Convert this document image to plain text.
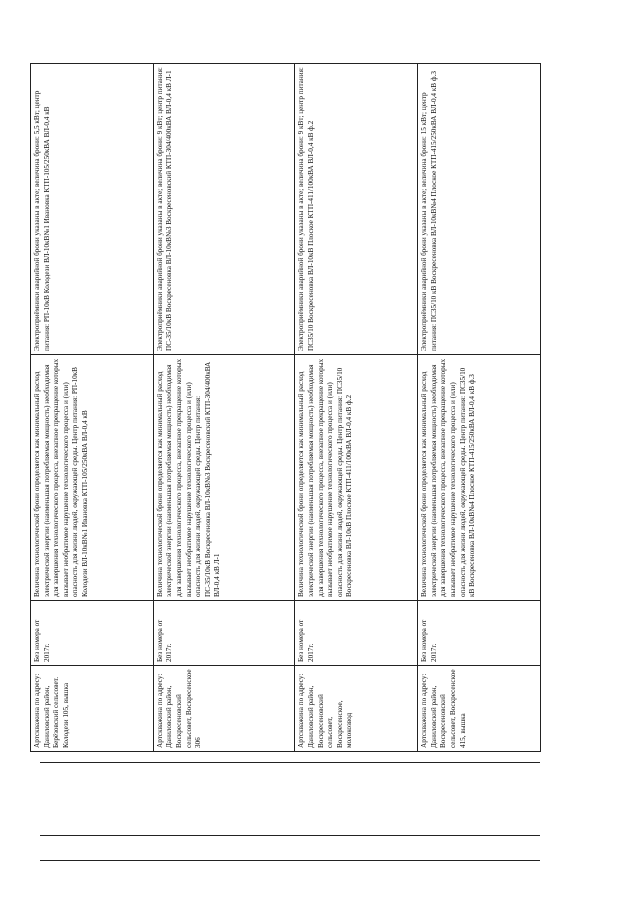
Артскважина по адресу: Даниловский район, Берёзовский сельсовет. Колодези 105, вышка	Без номера от 2017г.	Величина технологической брони определяется как минимальный расход электрической энергии (наименьшая потребляемая мощность) необходимая для завершения технологического процесса, внезапное прекращение которых вызывает необратимое нарушение технологического процесса и (или) опасность для жизни людей, окружающей среды. Центр питания: РП-10кВ Колодези ВЛ-10кВ№1 Ивановка КТП-105/250кВА ВЛ-0,4 кВ	Электроприёмники аварийной брони указаны в акте; величина брони: 5,5 кВт; центр питания: РП-10кВ Колодези ВЛ-10кВ№1 Ивановка КТП-105/250кВА ВЛ-0,4 кВ
Артскважина по адресу: Даниловский район, Воскресеновский сельсовет, Воскресенское 306	Без номера от 2017г.	Величина технологической брони определяется как минимальный расход электрической энергии (наименьшая потребляемая мощность) необходимая для завершения технологического процесса, внезапное прекращение которых вызывает необратимое нарушение технологического процесса и (или) опасность для жизни людей, окружающей среды. Центр питания: ПС-35/10кВ Воскресеновка ВЛ-10кВ№3 Воскресеновский КТП-304/400кВА ВЛ-0,4 кВ Л-1	Электроприёмники аварийной брони указаны в акте; величина брони: 9 кВт; центр питания: ПС-35/10кВ Воскресеновка ВЛ-10кВ№3 Воскресеновский КТП-304/400кВА ВЛ-0,4 кВ Л-1
Артскважина по адресу: Даниловский район, Воскресеновский сельсовет, Воскресенское, молокозвод	Без номера от 2017г.	Величина технологической брони определяется как минимальный расход электрической энергии (наименьшая потребляемая мощность) необходимая для завершения технологического процесса, внезапное прекращение которых вызывает необратимое нарушение технологического процесса и (или) опасность для жизни людей, окружающей среды. Центр питания: ПС35/10 Воскресеновка ВЛ-10кВ Плоское КТП-411/100кВА ВЛ-0,4 кВ ф.2	Электроприёмники аварийной брони указаны в акте; величина брони: 9 кВт; центр питания: ПС35/10 Воскресеновка ВЛ-10кВ Плоское КТП-411/100кВА ВЛ-0,4 кВ ф.2
Артскважина по адресу: Даниловский район, Воскресеновский сельсовет, Воскресенское 415, вышка	Без номера от 2017г.	Величина технологической брони определяется как минимальный расход электрической энергии (наименьшая потребляемая мощность) необходимая для завершения технологического процесса, внезапное прекращение которых вызывает необратимое нарушение технологического процесса и (или) опасность для жизни людей, окружающей среды. Центр питания: ПС35/10 кВ Воскресеновка ВЛ-10кВ№4 Плоское КТП-415/250кВА ВЛ-0,4 кВ ф.3	Электроприёмники аварийной брони указаны в акте; величина брони: 15 кВт; центр питания: ПС35/10 кВ Воскресеновка ВЛ-10кВ№4 Плоское КТП-415/250кВА ВЛ-0,4 кВ ф.3
